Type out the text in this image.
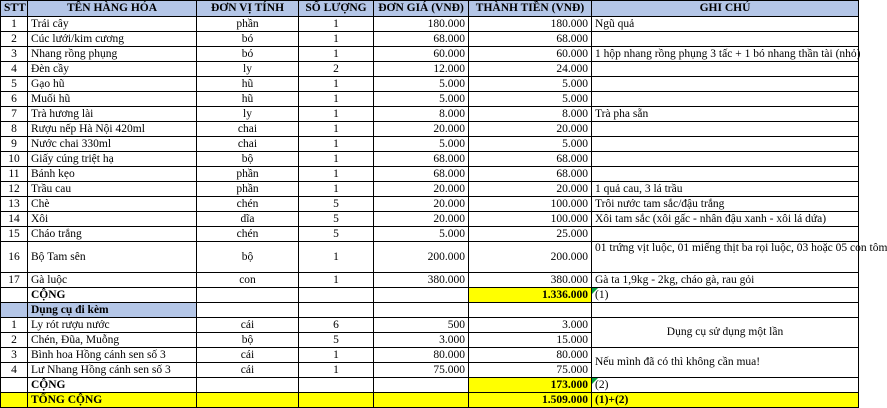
STT	TÊN HÀNG HÓA	ĐƠN VỊ TÍNH	SỐ LƯỢNG	ĐƠN GIÁ (VNĐ)	THÀNH TIỀN (VNĐ)	GHI CHÚ
1	Trái cây	phần	1	180.000	180.000	Ngũ quả
2	Cúc lưới/kim cương	bó	1	68.000	68.000	
3	Nhang rồng phụng	bó	1	60.000	60.000	1 hộp nhang rồng phụng 3 tấc + 1 bó nhang thần tài (nhỏ)
4	Đèn cầy	ly	2	12.000	24.000	
5	Gạo hũ	hũ	1	5.000	5.000	
6	Muối hũ	hũ	1	5.000	5.000	
7	Trà hương lài	ly	1	8.000	8.000	Trà pha sẵn
8	Rượu nếp Hà Nội 420ml	chai	1	20.000	20.000	
9	Nước chai 330ml	chai	1	5.000	5.000	
10	Giấy cúng triệt hạ	bộ	1	68.000	68.000	
11	Bánh kẹo	phần	1	68.000	68.000	
12	Trầu cau	phần	1	20.000	20.000	1 quả cau, 3 lá trầu
13	Chè	chén	5	20.000	100.000	Trôi nước tam sắc/đậu trắng
14	Xôi	dĩa	5	20.000	100.000	Xôi tam sắc (xôi gấc - nhân đậu xanh - xôi lá dứa)
15	Cháo trắng	chén	5	5.000	25.000	
16	Bộ Tam sên	bộ	1	200.000	200.000	01 trứng vịt luộc, 01 miếng thịt ba rọi luộc, 03 hoặc 05 con tôm
17	Gà luộc	con	1	380.000	380.000	Gà ta 1,9kg - 2kg, cháo gà, rau gỏi
	CỘNG				1.336.000	(1)
	Dụng cụ đi kèm					
1	Ly rót rượu nước	cái	6	500	3.000	Dụng cụ sử dụng một lần
2	Chén, Đũa, Muỗng	bộ	5	3.000	15.000	
3	Bình hoa Hồng cánh sen số 3	cái	1	80.000	80.000	Nếu mình đã có thì không cần mua!
4	Lư Nhang Hồng cánh sen số 3	cái	1	75.000	75.000	
	CỘNG				173.000	(2)
	TỔNG CỘNG				1.509.000	(1)+(2)
